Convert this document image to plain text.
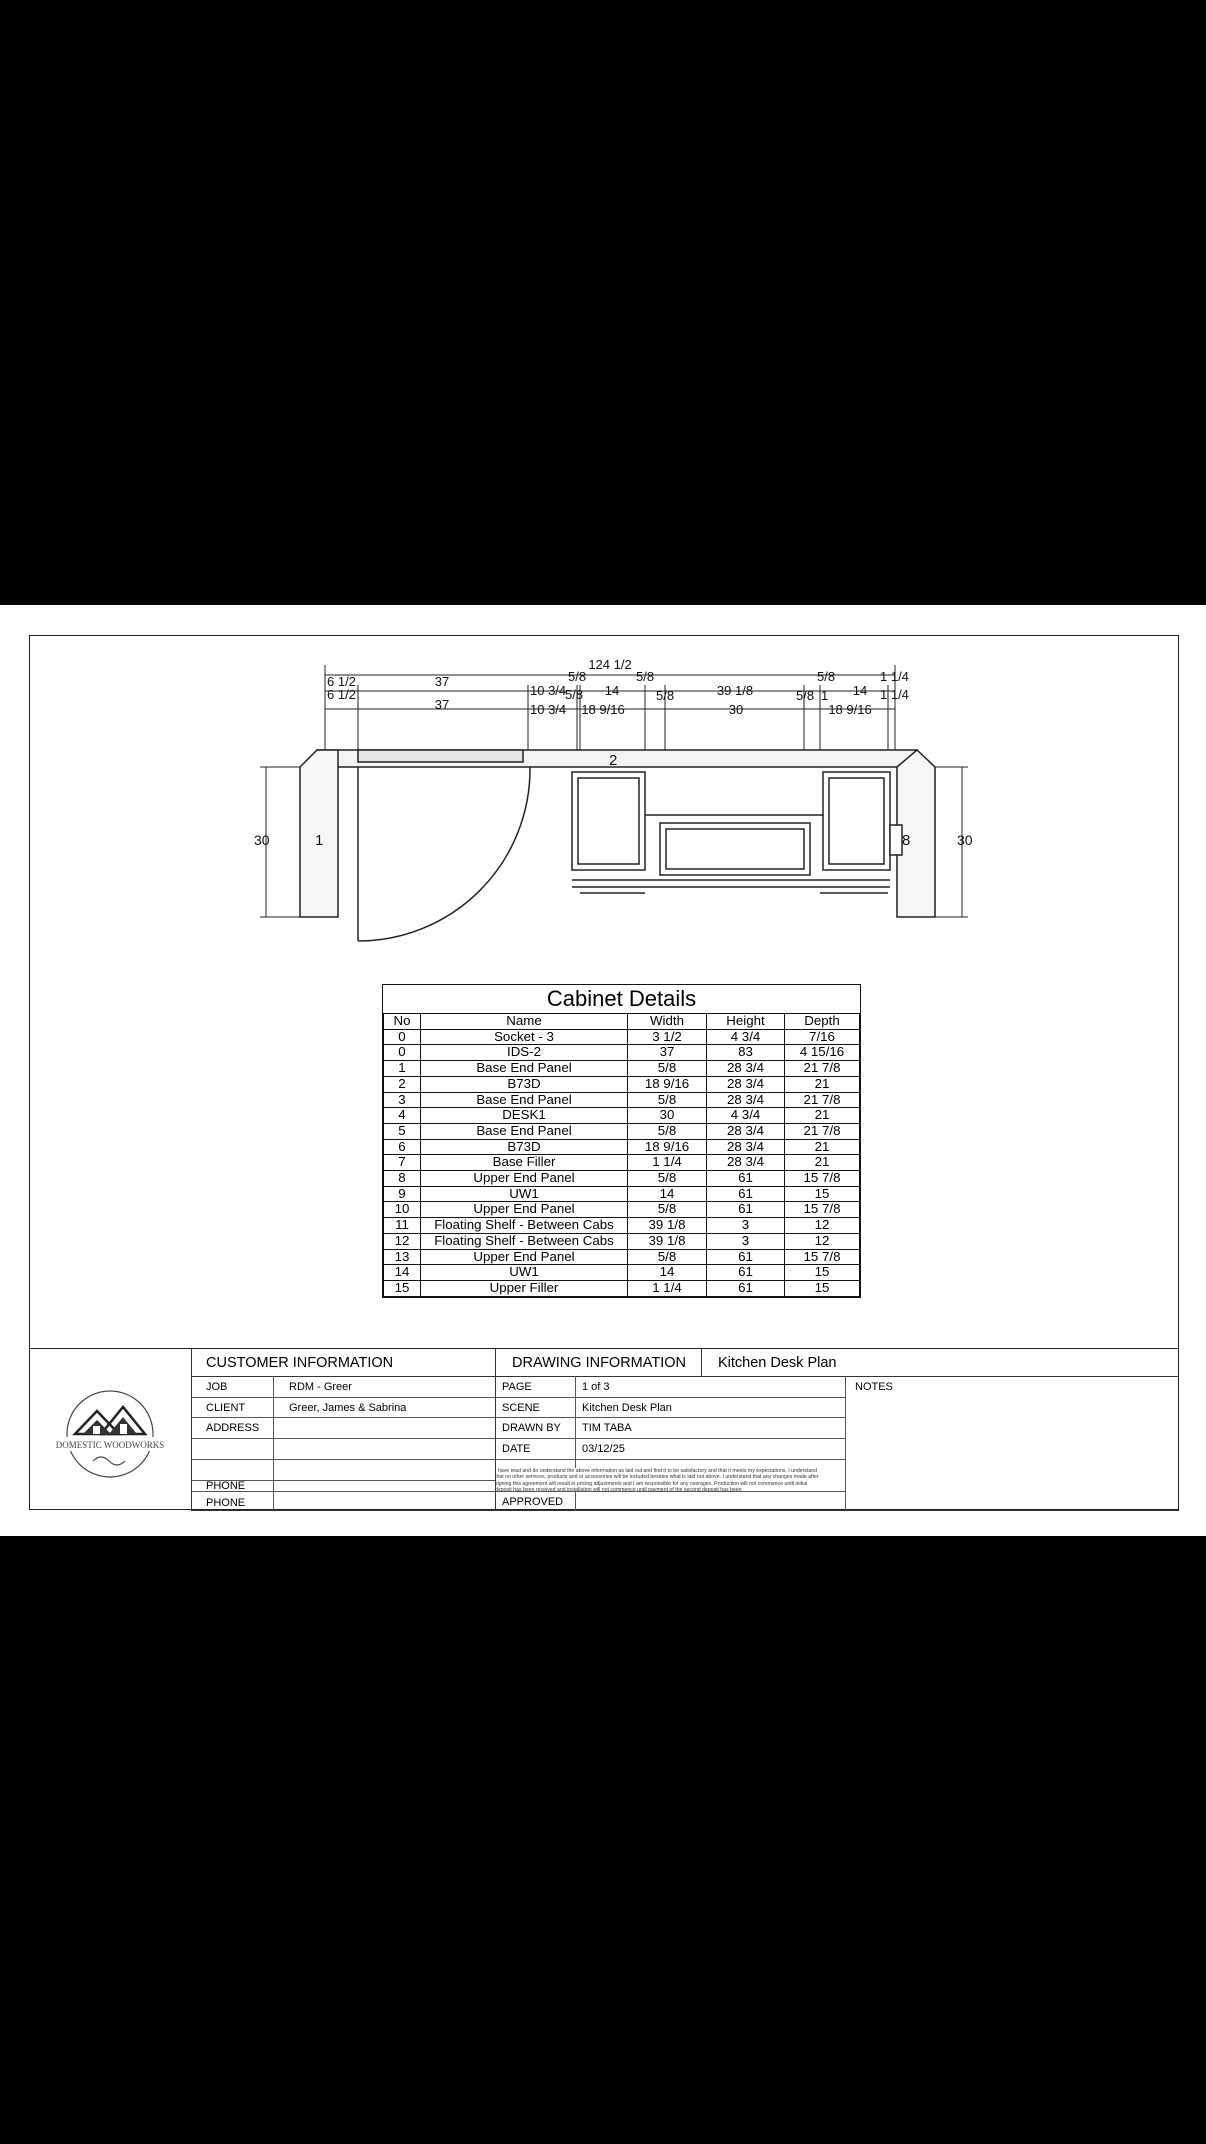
124 1/2
6 1/2	37
10 3/4
5/8
14
5/8
39 1/8
5/8
14
1 1/4
6 1/2
37	10 3/4
5/8
18 9/16
5/8
30
5/8 1
18 9/16
1 1/4
30	30
1
2
8
Cabinet Details
No	Name	Width	Height	Depth
0	Socket - 3	3 1/2	4 3/4	7/16
0	IDS-2	37	83	4 15/16
1	Base End Panel	5/8	28 3/4	21 7/8
2	B73D	18 9/16	28 3/4	21
3	Base End Panel	5/8	28 3/4	21 7/8
4	DESK1	30	4 3/4	21
5	Base End Panel	5/8	28 3/4	21 7/8
6	B73D	18 9/16	28 3/4	21
7	Base Filler	1 1/4	28 3/4	21
8	Upper End Panel	5/8	61	15 7/8
9	UW1	14	61	15
10	Upper End Panel	5/8	61	15 7/8
11	Floating Shelf - Between Cabs	39 1/8	3	12
12	Floating Shelf - Between Cabs	39 1/8	3	12
13	Upper End Panel	5/8	61	15 7/8
14	UW1	14	61	15
15	Upper Filler	1 1/4	61	15
DOMESTIC WOODWORKS
CUSTOMER INFORMATION	DRAWING INFORMATION Kitchen Desk Plan
JOB	RDM - Greer
CLIENT	Greer, James & Sabrina
ADDRESS
PHONE
PHONE
PAGE	1 of 3
SCENE	Kitchen Desk Plan
DRAWN BY TIM TABA
DATE	03/12/25
I have read and do understand the above information as laid out and find it to be satisfactory and that it meets my expectations. I understand that no other services, products and or accessories will be included besides what is laid out above. I understand that any changes made after signing this agreement will result in pricing adjustments and I am responsible for any overages. Production will not commence until initial deposit has been received and installation will not commence until payment of the second deposit has been
APPROVED
NOTES
